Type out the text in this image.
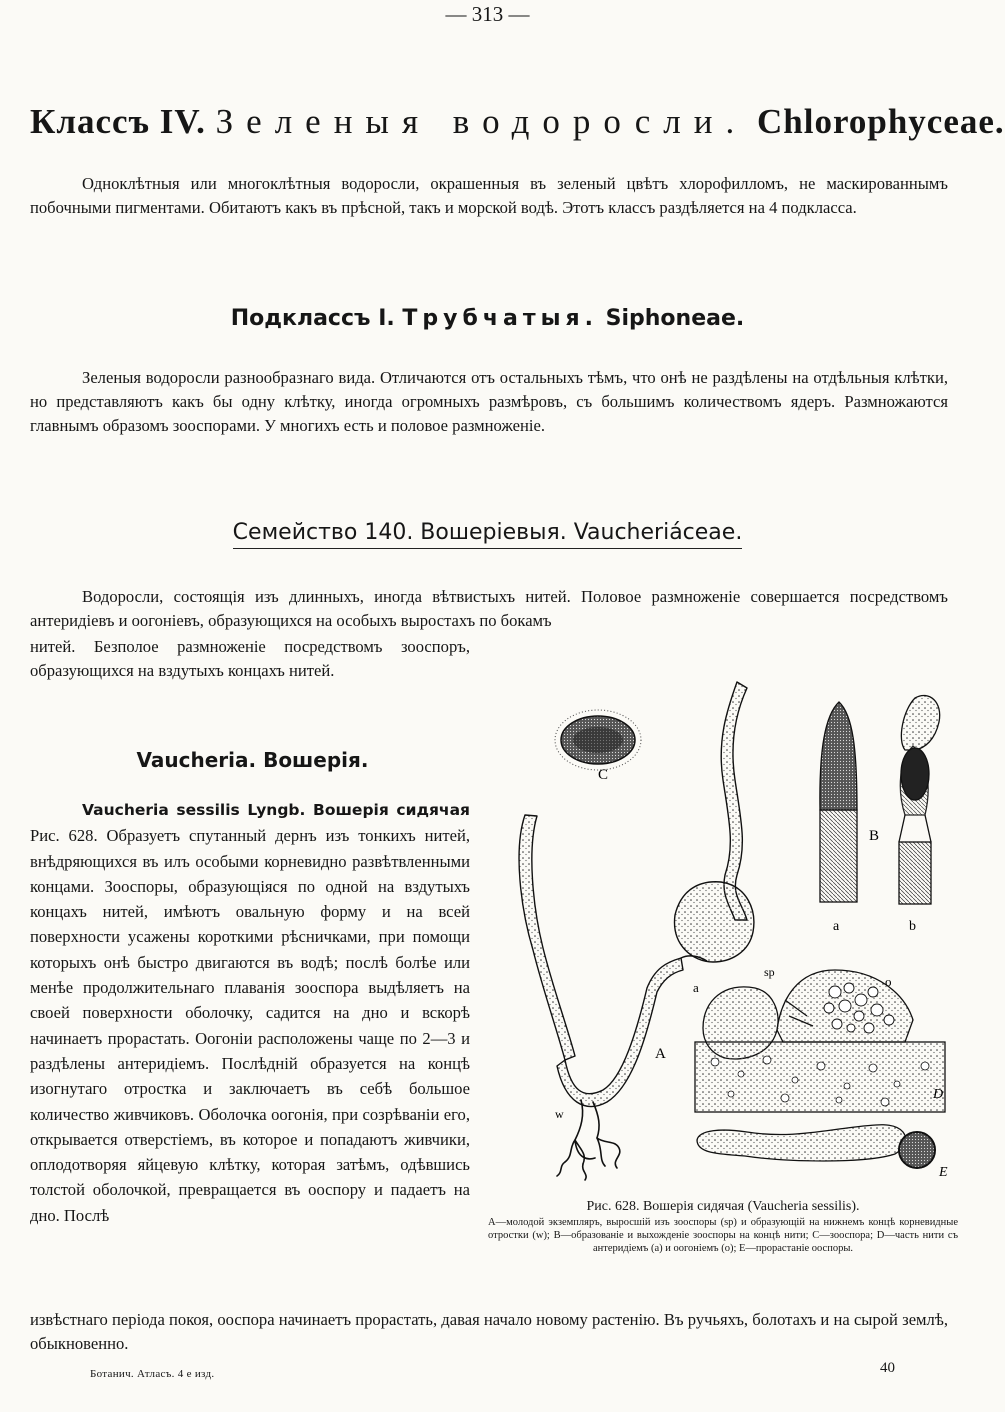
— 313 —
Классъ IV. Зеленыя водоросли. Chlorophyceae.
Одноклѣтныя или многоклѣтныя водоросли, окрашенныя въ зеленый цвѣтъ хлорофилломъ, не маскированнымъ побочными пигментами. Обитаютъ какъ въ прѣсной, такъ и морской водѣ. Этотъ классъ раздѣляется на 4 подкласса.
Подклассъ I. Трубчатыя. Siphoneae.
Зеленыя водоросли разнообразнаго вида. Отличаются отъ остальныхъ тѣмъ, что онѣ не раздѣлены на отдѣльныя клѣтки, но представляютъ какъ бы одну клѣтку, иногда огромныхъ размѣровъ, съ большимъ количествомъ ядеръ. Размножаются главнымъ образомъ зооспорами. У многихъ есть и половое размноженіе.
Семейство 140. Вошеріевыя. Vaucheriáceae.
Водоросли, состоящія изъ длинныхъ, иногда вѣтвистыхъ нитей. Половое размноженіе совершается посредствомъ антеридіевъ и оогоніевъ, образующихся на особыхъ выростахъ по бокамъ
нитей. Безполое размноженіе посредствомъ зооспоръ, образующихся на вздутыхъ концахъ нитей.
Vaucheria. Вошерія.
Vaucheria sessilis Lyngb. Вошерія сидячая Рис. 628. Образуетъ спутанный дернъ изъ тонкихъ нитей, внѣдряющихся въ илъ особыми корневидно развѣтвленными концами. Зооспоры, образующіяся по одной на вздутыхъ концахъ нитей, имѣютъ овальную форму и на всей поверхности усажены короткими рѣсничками, при помощи которыхъ онѣ быстро двигаются въ водѣ; послѣ болѣе или менѣе продолжительнаго плаванія зооспора выдѣляетъ на своей поверхности оболочку, садится на дно и вскорѣ начинаетъ прорастать. Оогоніи расположены чаще по 2—3 и раздѣлены антеридіемъ. Послѣдній образуется на концѣ изогнутаго отростка и заключаетъ въ себѣ большое количество живчиковъ. Оболочка оогонія, при созрѣваніи его, открывается отверстіемъ, въ которое и попадаютъ живчики, оплодотворяя яйцевую клѣтку, которая затѣмъ, одѣвшись толстой оболочкой, превращается въ ооспору и падаетъ на дно. Послѣ
извѣстнаго періода покоя, ооспора начинаетъ прорастать, давая начало новому растенію. Въ ручьяхъ, болотахъ и на сырой землѣ, обыкновенно.
C
A
w
sp
B
a	b
a	o
D
E
Рис. 628. Вошерія сидячая (Vaucheria sessilis).
A—молодой экземпляръ, выросшій изъ зооспоры (sp) и образующій на нижнемъ концѣ корневидные отростки (w); B—образованіе и выхожденіе зооспоры на концѣ нити; C—зооспора; D—часть нити съ антеридіемъ (a) и оогоніемъ (o); E—прорастаніе ооспоры.
Ботанич. Атласъ. 4 е изд.	40
